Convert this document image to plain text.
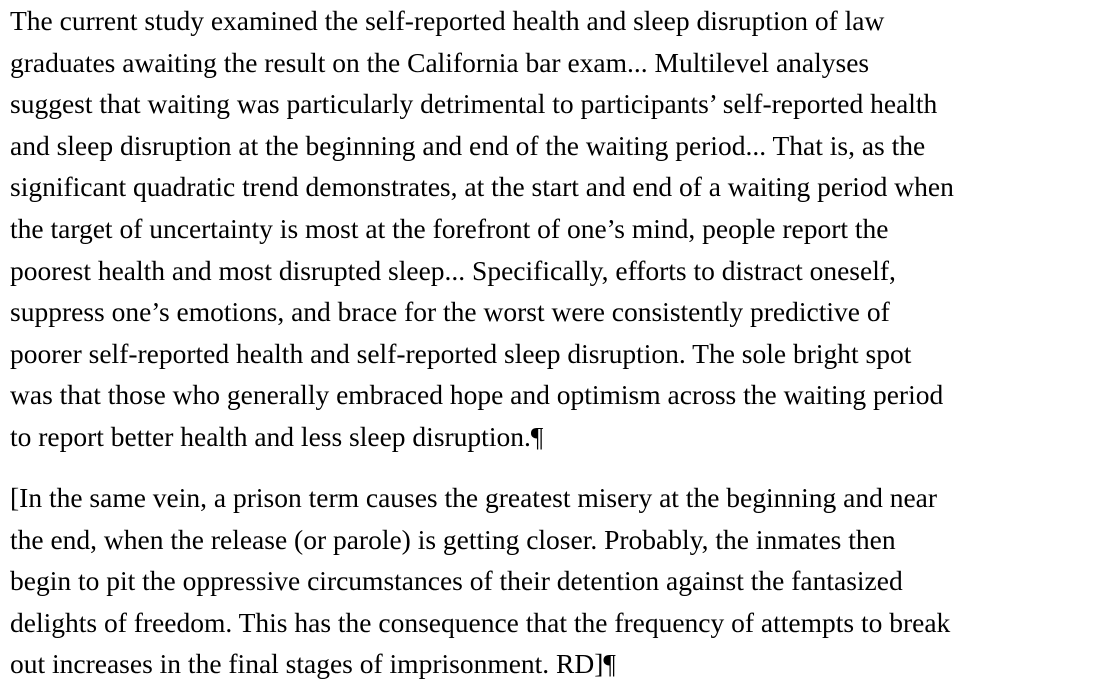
The current study examined the self-reported health and sleep disruption of law
graduates awaiting the result on the California bar exam... Multilevel analyses
suggest that waiting was particularly detrimental to participants’ self-reported health
and sleep disruption at the beginning and end of the waiting period... That is, as the
significant quadratic trend demonstrates, at the start and end of a waiting period when
the target of uncertainty is most at the forefront of one’s mind, people report the
poorest health and most disrupted sleep... Specifically, efforts to distract oneself,
suppress one’s emotions, and brace for the worst were consistently predictive of
poorer self-reported health and self-reported sleep disruption. The sole bright spot
was that those who generally embraced hope and optimism across the waiting period
to report better health and less sleep disruption.¶
[In the same vein, a prison term causes the greatest misery at the beginning and near
the end, when the release (or parole) is getting closer. Probably, the inmates then
begin to pit the oppressive circumstances of their detention against the fantasized
delights of freedom. This has the consequence that the frequency of attempts to break
out increases in the final stages of imprisonment. RD]¶
